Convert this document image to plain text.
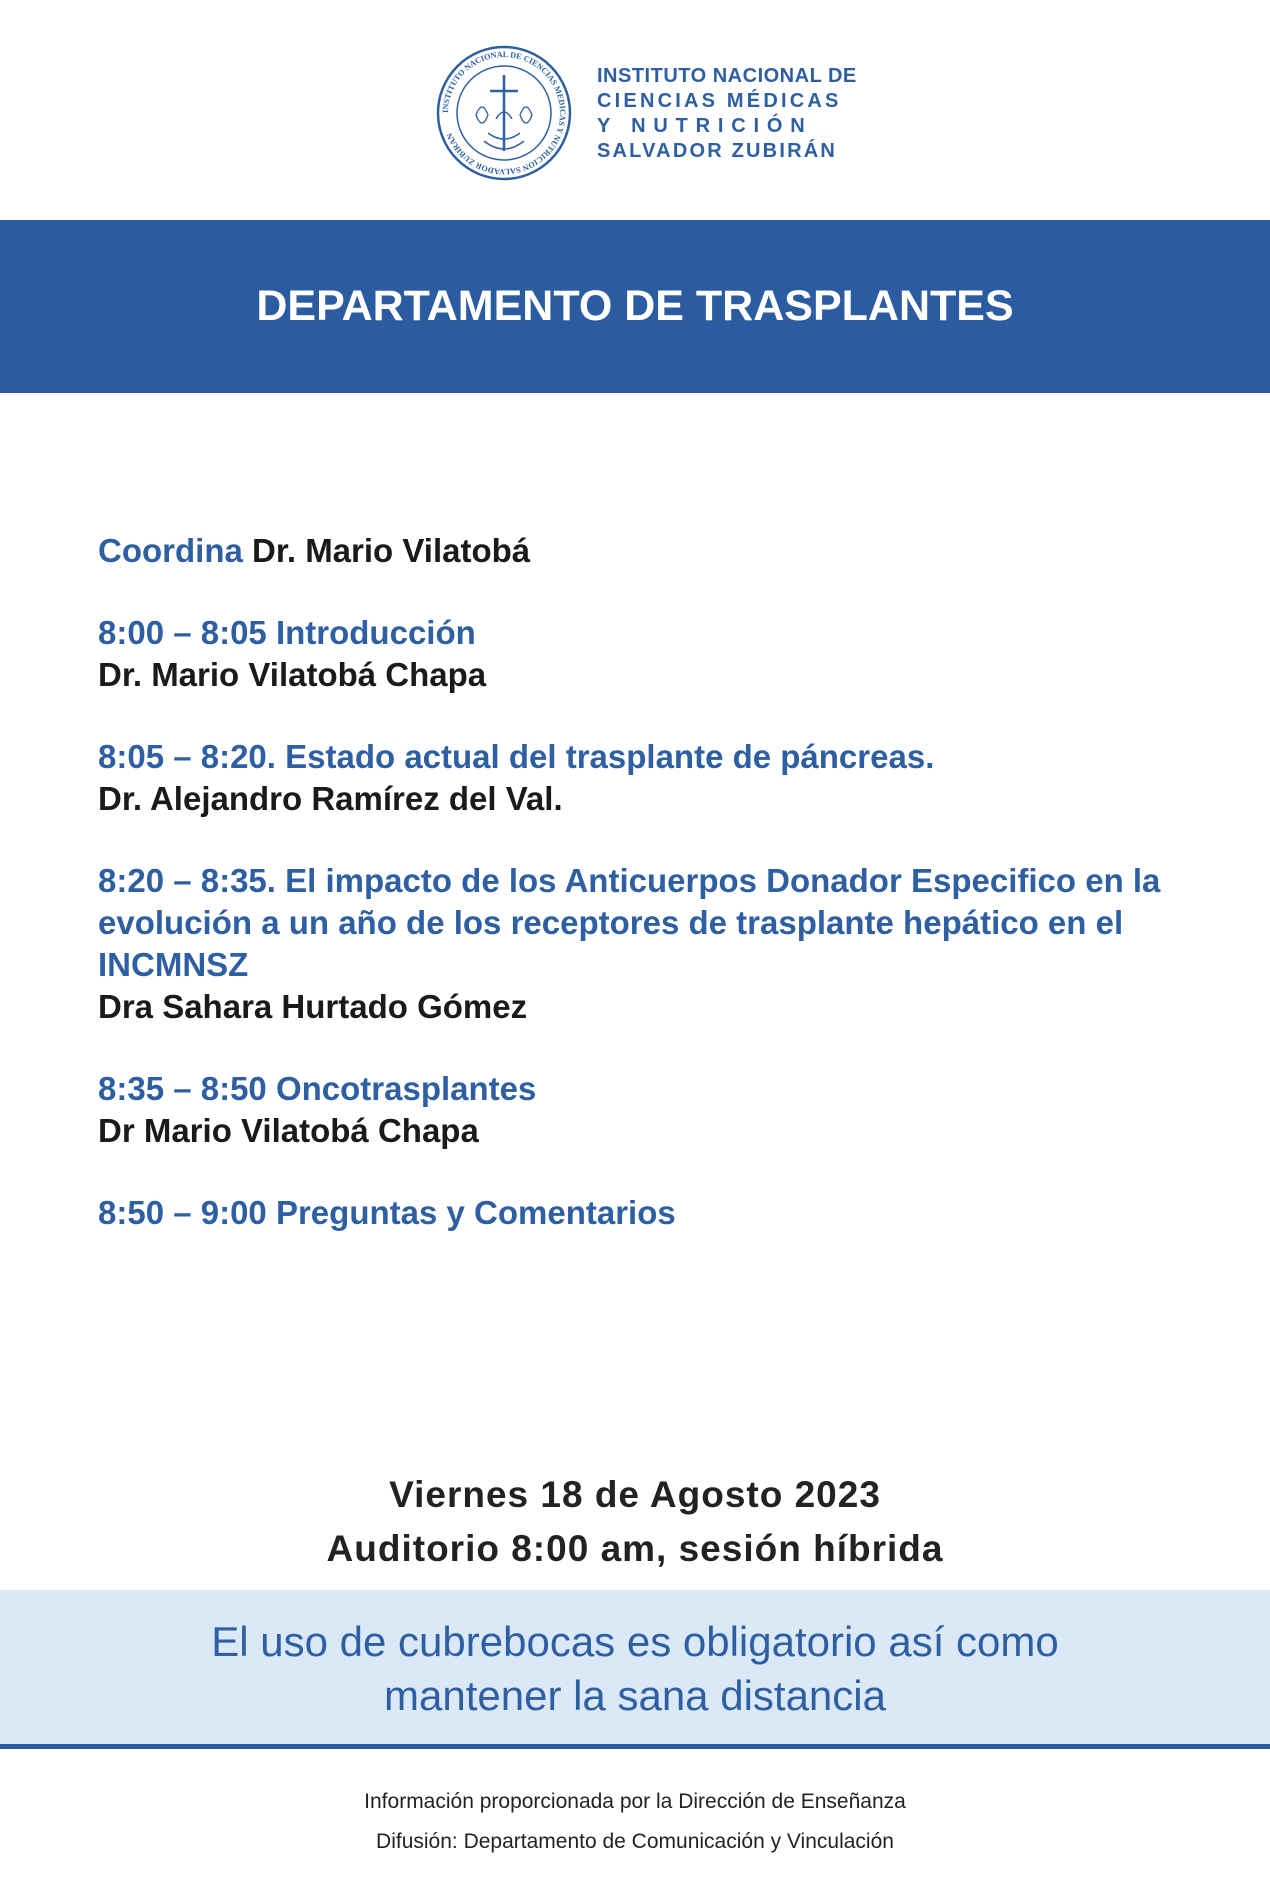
INSTITUTO NACIONAL DE CIENCIAS MEDICAS Y NUTRICION SALVADOR ZUBIRAN
INSTITUTO NACIONAL DE
CIENCIAS MÉDICAS
Y NUTRICIÓN
SALVADOR ZUBIRÁN
DEPARTAMENTO DE TRASPLANTES
Coordina Dr. Mario Vilatobá
8:00 – 8:05 Introducción
Dr. Mario Vilatobá Chapa
8:05 – 8:20. Estado actual del trasplante de páncreas.
Dr. Alejandro Ramírez del Val.
8:20 – 8:35. El impacto de los Anticuerpos Donador Especifico en la evolución a un año de los receptores de trasplante hepático en el INCMNSZ
Dra Sahara Hurtado Gómez
8:35 – 8:50 Oncotrasplantes
Dr Mario Vilatobá Chapa
8:50 – 9:00 Preguntas y Comentarios
Viernes 18 de Agosto 2023
Auditorio 8:00 am, sesión híbrida
El uso de cubrebocas es obligatorio así como
mantener la sana distancia
Información proporcionada por la Dirección de Enseñanza
Difusión: Departamento de Comunicación y Vinculación
